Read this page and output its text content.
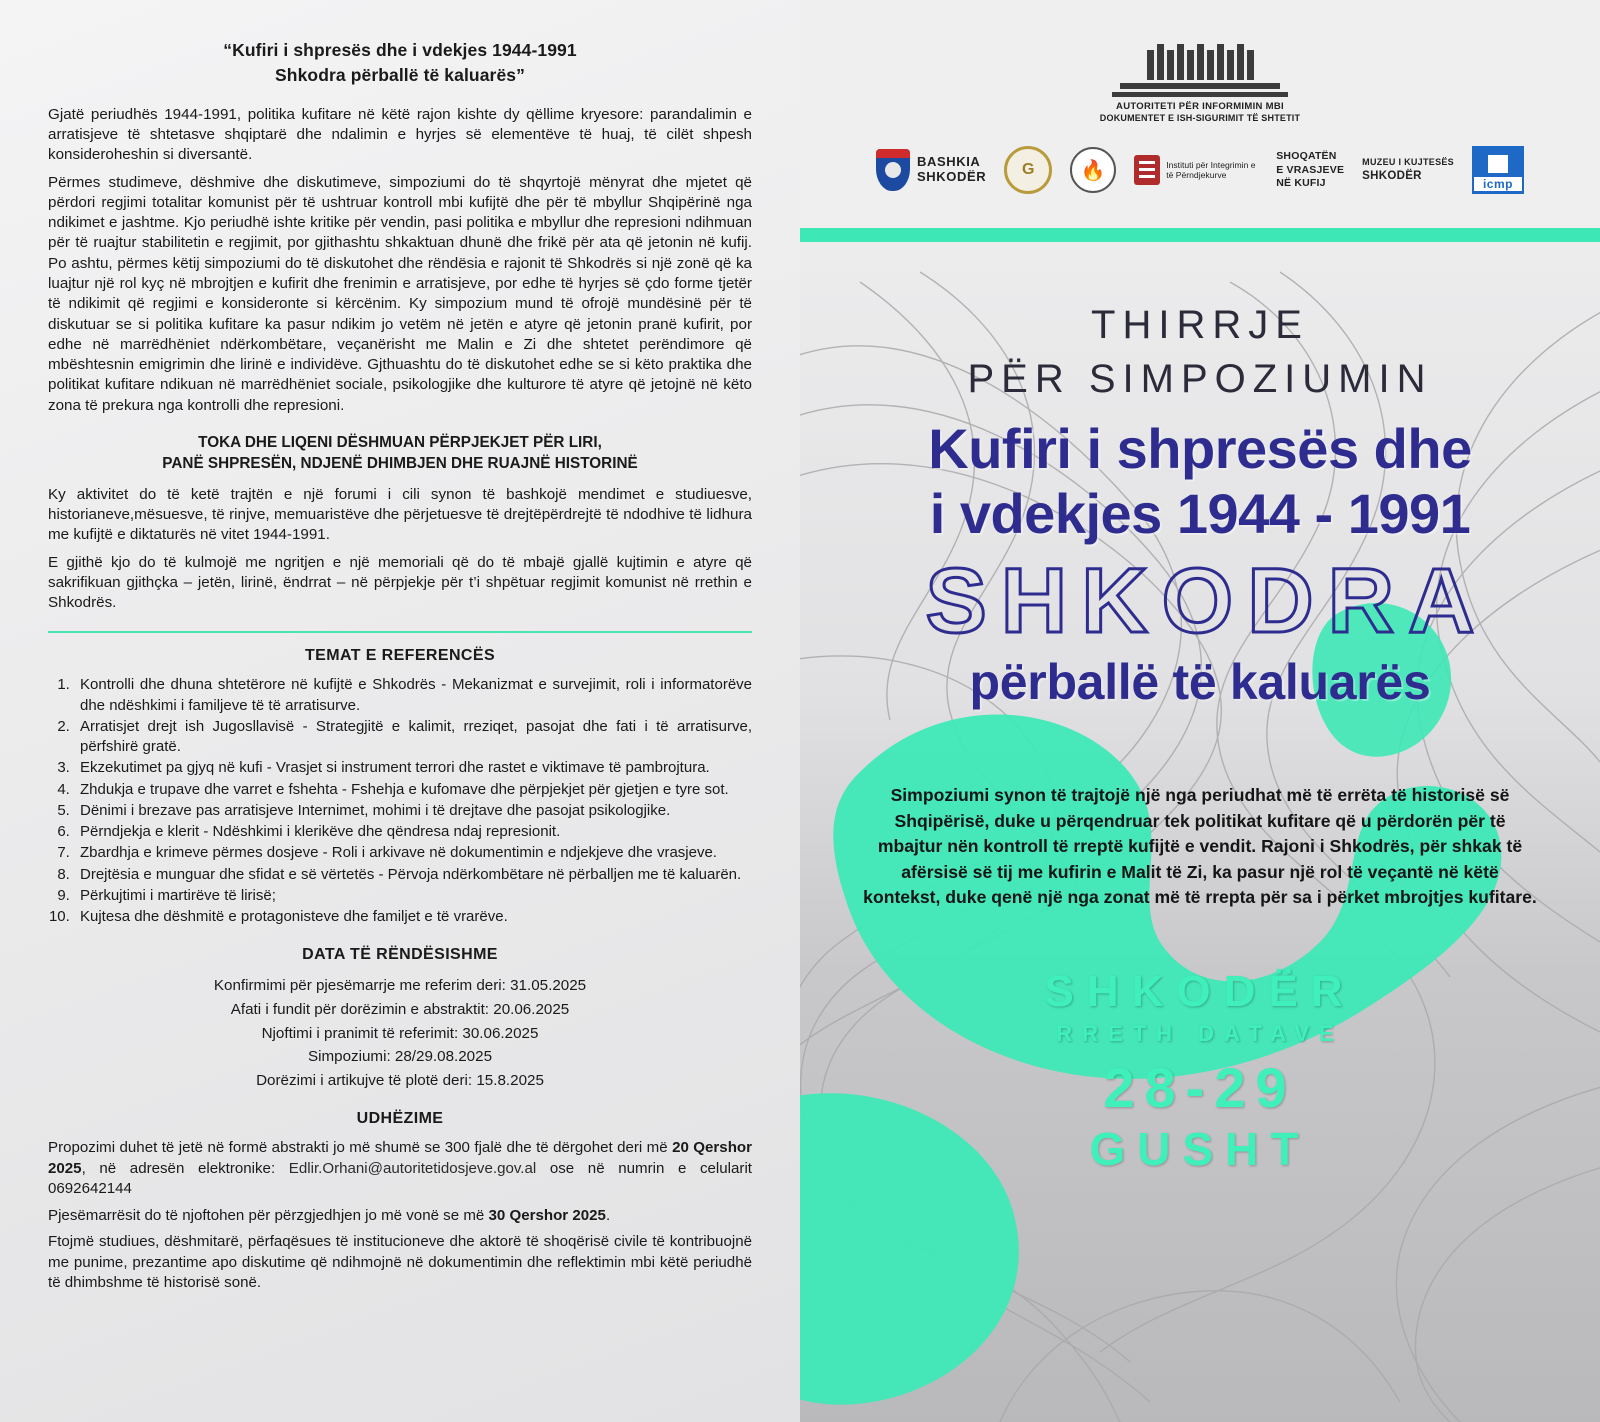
“Kufiri i shpresës dhe i vdekjes 1944-1991
Shkodra përballë të kaluarës”

Gjatë periudhës 1944-1991, politika kufitare në këtë rajon kishte dy qëllime kryesore: parandalimin e arratisjeve të shtetasve shqiptarë dhe ndalimin e hyrjes së elementëve të huaj, të cilët shpesh konsideroheshin si diversantë.

Përmes studimeve, dëshmive dhe diskutimeve, simpoziumi do të shqyrtojë mënyrat dhe mjetet që përdori regjimi totalitar komunist për të ushtruar kontroll mbi kufijtë dhe për të mbyllur Shqipërinë nga ndikimet e jashtme. Kjo periudhë ishte kritike për vendin, pasi politika e mbyllur dhe represioni ndihmuan për të ruajtur stabilitetin e regjimit, por gjithashtu shkaktuan dhunë dhe frikë për ata që jetonin në kufij. Po ashtu, përmes këtij simpoziumi do të diskutohet dhe rëndësia e rajonit të Shkodrës si një zonë që ka luajtur një rol kyç në mbrojtjen e kufirit dhe frenimin e arratisjeve, por edhe të hyrjes së çdo forme tjetër të ndikimit që regjimi e konsideronte si kërcënim. Ky simpozium mund të ofrojë mundësinë për të diskutuar se si politika kufitare ka pasur ndikim jo vetëm në jetën e atyre që jetonin pranë kufirit, por edhe në marrëdhëniet ndërkombëtare, veçanërisht me Malin e Zi dhe shtetet perëndimore që mbështesnin emigrimin dhe lirinë e individëve. Gjthuashtu do të diskutohet edhe se si këto praktika dhe politikat kufitare ndikuan në marrëdhëniet sociale, psikologjike dhe kulturore të atyre që jetojnë në këto zona të prekura nga kontrolli dhe represioni.

TOKA DHE LIQENI DËSHMUAN PËRPJEKJET PËR LIRI,
PANË SHPRESËN, NDJENË DHIMBJEN DHE RUAJNË HISTORINË

Ky aktivitet do të ketë trajtën e një forumi i cili synon të bashkojë mendimet e studiuesve, historianeve,mësuesve, të rinjve, memuaristëve dhe përjetuesve të drejtëpërdrejtë të ndodhive të lidhura me kufijtë e diktaturës në vitet 1944-1991.

E gjithë kjo do të kulmojë me ngritjen e një memoriali që do të mbajë gjallë kujtimin e atyre që sakrifikuan gjithçka – jetën, lirinë, ëndrrat – në përpjekje për t’i shpëtuar regjimit komunist në rrethin e Shkodrës.

TEMAT E REFERENCËS
1. Kontrolli dhe dhuna shtetërore në kufijtë e Shkodrës - Mekanizmat e survejimit, roli i informatorëve dhe ndëshkimi i familjeve të të arratisurve.
2. Arratisjet drejt ish Jugosllavisë - Strategjitë e kalimit, rreziqet, pasojat dhe fati i të arratisurve, përfshirë gratë.
3. Ekzekutimet pa gjyq në kufi - Vrasjet si instrument terrori dhe rastet e viktimave të pambrojtura.
4. Zhdukja e trupave dhe varret e fshehta - Fshehja e kufomave dhe përpjekjet për gjetjen e tyre sot.
5. Dënimi i brezave pas arratisjeve Internimet, mohimi i të drejtave dhe pasojat psikologjike.
6. Përndjekja e klerit - Ndëshkimi i klerikëve dhe qëndresa ndaj represionit.
7. Zbardhja e krimeve përmes dosjeve - Roli i arkivave në dokumentimin e ndjekjeve dhe vrasjeve.
8. Drejtësia e munguar dhe sfidat e së vërtetës - Përvoja ndërkombëtare në përballjen me të kaluarën.
9. Përkujtimi i martirëve të lirisë;
10. Kujtesa dhe dëshmitë e protagonisteve dhe familjet e të vrarëve.
DATA TË RËNDËSISHME
Konfirmimi për pjesëmarrje me referim deri: 31.05.2025
Afati i fundit për dorëzimin e abstraktit: 20.06.2025
Njoftimi i pranimit të referimit: 30.06.2025
Simpoziumi: 28/29.08.2025
Dorëzimi i artikujve të plotë deri: 15.8.2025
UDHËZIME

Propozimi duhet të jetë në formë abstrakti jo më shumë se 300 fjalë dhe të dërgohet deri më 20 Qershor 2025, në adresën elektronike: Edlir.Orhani@autoritetidosjeve.gov.al ose në numrin e celularit 0692642144

Pjesëmarrësit do të njoftohen për përzgjedhjen jo më vonë se më 30 Qershor 2025.

Ftojmë studiues, dëshmitarë, përfaqësues të institucioneve dhe aktorë të shoqërisë civile të kontribuojnë me punime, prezantime apo diskutime që ndihmojnë në dokumentimin dhe reflektimin mbi këtë periudhë të dhimbshme të historisë sonë.

AUTORITETI PËR INFORMIMIN MBI
DOKUMENTET E ISH-SIGURIMIT TË SHTETIT
BASHKIA
SHKODËR G 🔥	Instituti për Integrimin e të Përndjekurve
SHOQATËN
E VRASJEVE
NË KUFIJ
MUZEU I KUJTESËS
SHKODËR
icmp
THIRRJE
PËR SIMPOZIUMIN
Kufiri i shpresës dhe
i vdekjes 1944 - 1991
SHKODRA
përballë të kaluarës
Simpoziumi synon të trajtojë një nga periudhat më të errëta të historisë së Shqipërisë, duke u përqendruar tek politikat kufitare që u përdorën për të mbajtur nën kontroll të rreptë kufijtë e vendit. Rajoni i Shkodrës, për shkak të afërsisë së tij me kufirin e Malit të Zi, ka pasur një rol të veçantë në këtë kontekst, duke qenë një nga zonat më të rrepta për sa i përket mbrojtjes kufitare.
SHKODËR
RRETH DATAVE
28-29
GUSHT
